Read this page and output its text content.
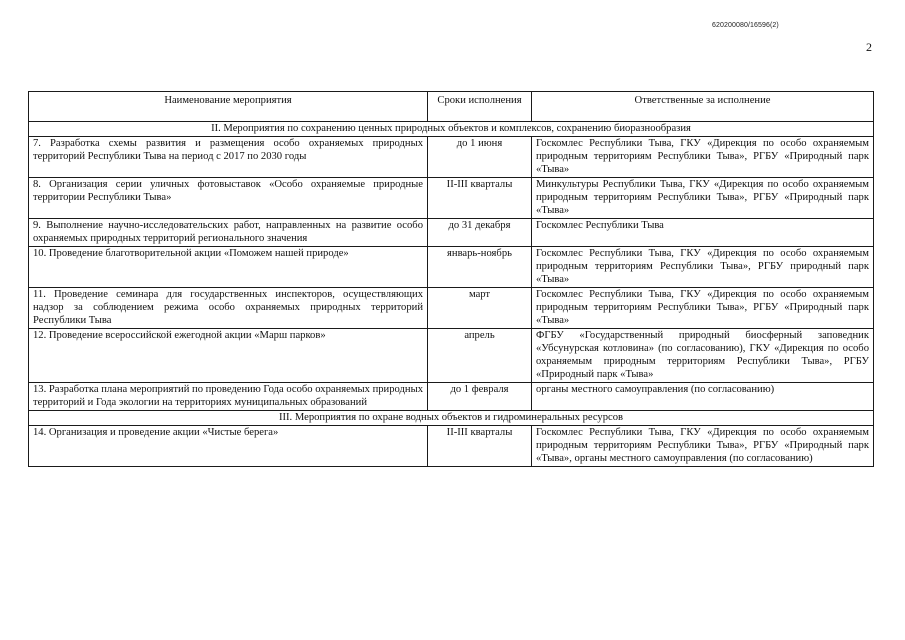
620200080/16596(2)
2
Наименование мероприятия	Сроки исполнения	Ответственные за исполнение
II. Мероприятия по сохранению ценных природных объектов и комплексов, сохранению биоразнообразия		
7. Разработка схемы развития и размещения особо охраняемых природных территорий Республики Тыва на период с 2017 по 2030 годы	до 1 июня	Госкомлес Республики Тыва, ГКУ «Дирекция по особо охраняемым природным территориям Республики Тыва», РГБУ «Природный парк «Тыва»
8. Организация серии уличных фотовыставок «Особо охраняемые природные территории Республики Тыва»	II-III кварталы	Минкультуры Республики Тыва, ГКУ «Дирекция по особо охраняемым природным территориям Республики Тыва», РГБУ «Природный парк «Тыва»
9. Выполнение научно-исследовательских работ, направленных на развитие особо охраняемых природных территорий регионального значения	до 31 декабря	Госкомлес Республики Тыва
10. Проведение благотворительной акции «Поможем нашей природе»	январь-ноябрь	Госкомлес Республики Тыва, ГКУ «Дирекция по особо охраняемым природным территориям Республики Тыва», РГБУ природный парк «Тыва»
11. Проведение семинара для государственных инспекторов, осуществляющих надзор за соблюдением режима особо охраняемых природных территорий Республики Тыва	март	Госкомлес Республики Тыва, ГКУ «Дирекция по особо охраняемым природным территориям Республики Тыва», РГБУ «Природный парк «Тыва»
12. Проведение всероссийской ежегодной акции «Марш парков»	апрель	ФГБУ «Государственный природный биосферный заповедник «Убсунурская котловина» (по согласованию), ГКУ «Дирекция по особо охраняемым природным территориям Республики Тыва», РГБУ «Природный парк «Тыва»
13. Разработка плана мероприятий по проведению Года особо охраняемых природных территорий и Года экологии на территориях муниципальных образований	до 1 февраля	органы местного самоуправления (по согласованию)
III. Мероприятия по охране водных объектов и гидроминеральных ресурсов		
14. Организация и проведение акции «Чистые берега»	II-III кварталы	Госкомлес Республики Тыва, ГКУ «Дирекция по особо охраняемым природным территориям Республики Тыва», РГБУ «Природный парк «Тыва», органы местного самоуправления (по согласованию)
